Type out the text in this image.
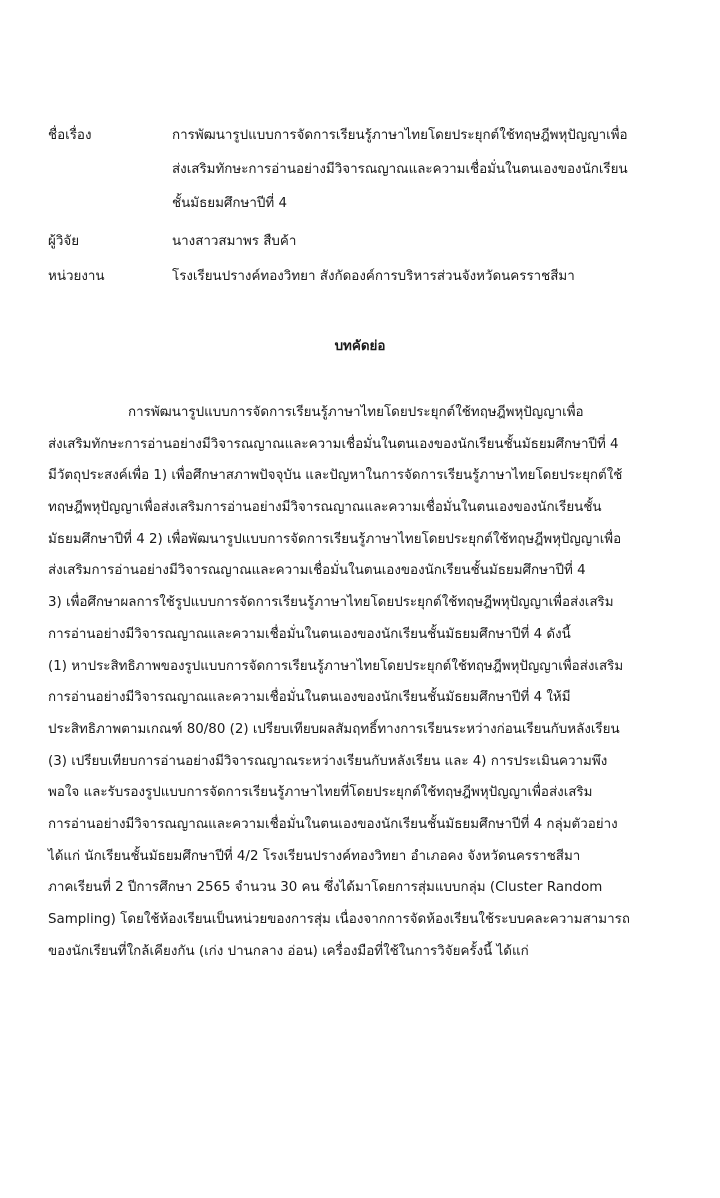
ชื่อเรื่อง	การพัฒนารูปแบบการจัดการเรียนรู้ภาษาไทยโดยประยุกต์ใช้ทฤษฎีพหุปัญญาเพื่อ
ส่งเสริมทักษะการอ่านอย่างมีวิจารณญาณและความเชื่อมั่นในตนเองของนักเรียน
ชั้นมัธยมศึกษาปีที่ 4
ผู้วิจัย	นางสาวสมาพร สืบค้า
หน่วยงาน	โรงเรียนปรางค์ทองวิทยา สังกัดองค์การบริหารส่วนจังหวัดนครราชสีมา
บทคัดย่อ
การพัฒนารูปแบบการจัดการเรียนรู้ภาษาไทยโดยประยุกต์ใช้ทฤษฎีพหุปัญญาเพื่อ
ส่งเสริมทักษะการอ่านอย่างมีวิจารณญาณและความเชื่อมั่นในตนเองของนักเรียนชั้นมัธยมศึกษาปีที่ 4
มีวัตถุประสงค์เพื่อ 1) เพื่อศึกษาสภาพปัจจุบัน และปัญหาในการจัดการเรียนรู้ภาษาไทยโดยประยุกต์ใช้
ทฤษฎีพหุปัญญาเพื่อส่งเสริมการอ่านอย่างมีวิจารณญาณและความเชื่อมั่นในตนเองของนักเรียนชั้น
มัธยมศึกษาปีที่ 4 2) เพื่อพัฒนารูปแบบการจัดการเรียนรู้ภาษาไทยโดยประยุกต์ใช้ทฤษฎีพหุปัญญาเพื่อ
ส่งเสริมการอ่านอย่างมีวิจารณญาณและความเชื่อมั่นในตนเองของนักเรียนชั้นมัธยมศึกษาปีที่ 4
3) เพื่อศึกษาผลการใช้รูปแบบการจัดการเรียนรู้ภาษาไทยโดยประยุกต์ใช้ทฤษฎีพหุปัญญาเพื่อส่งเสริม
การอ่านอย่างมีวิจารณญาณและความเชื่อมั่นในตนเองของนักเรียนชั้นมัธยมศึกษาปีที่ 4 ดังนี้
(1) หาประสิทธิภาพของรูปแบบการจัดการเรียนรู้ภาษาไทยโดยประยุกต์ใช้ทฤษฎีพหุปัญญาเพื่อส่งเสริม
การอ่านอย่างมีวิจารณญาณและความเชื่อมั่นในตนเองของนักเรียนชั้นมัธยมศึกษาปีที่ 4 ให้มี
ประสิทธิภาพตามเกณฑ์ 80/80 (2) เปรียบเทียบผลสัมฤทธิ์ทางการเรียนระหว่างก่อนเรียนกับหลังเรียน
(3) เปรียบเทียบการอ่านอย่างมีวิจารณญาณระหว่างเรียนกับหลังเรียน และ 4) การประเมินความพึง
พอใจ และรับรองรูปแบบการจัดการเรียนรู้ภาษาไทยที่โดยประยุกต์ใช้ทฤษฎีพหุปัญญาเพื่อส่งเสริม
การอ่านอย่างมีวิจารณญาณและความเชื่อมั่นในตนเองของนักเรียนชั้นมัธยมศึกษาปีที่ 4 กลุ่มตัวอย่าง
ได้แก่ นักเรียนชั้นมัธยมศึกษาปีที่ 4/2 โรงเรียนปรางค์ทองวิทยา อำเภอคง จังหวัดนครราชสีมา
ภาคเรียนที่ 2 ปีการศึกษา 2565 จำนวน 30 คน ซึ่งได้มาโดยการสุ่มแบบกลุ่ม (Cluster Random
Sampling) โดยใช้ห้องเรียนเป็นหน่วยของการสุ่ม เนื่องจากการจัดห้องเรียนใช้ระบบคละความสามารถ
ของนักเรียนที่ใกล้เคียงกัน (เก่ง ปานกลาง อ่อน) เครื่องมือที่ใช้ในการวิจัยครั้งนี้ ได้แก่
